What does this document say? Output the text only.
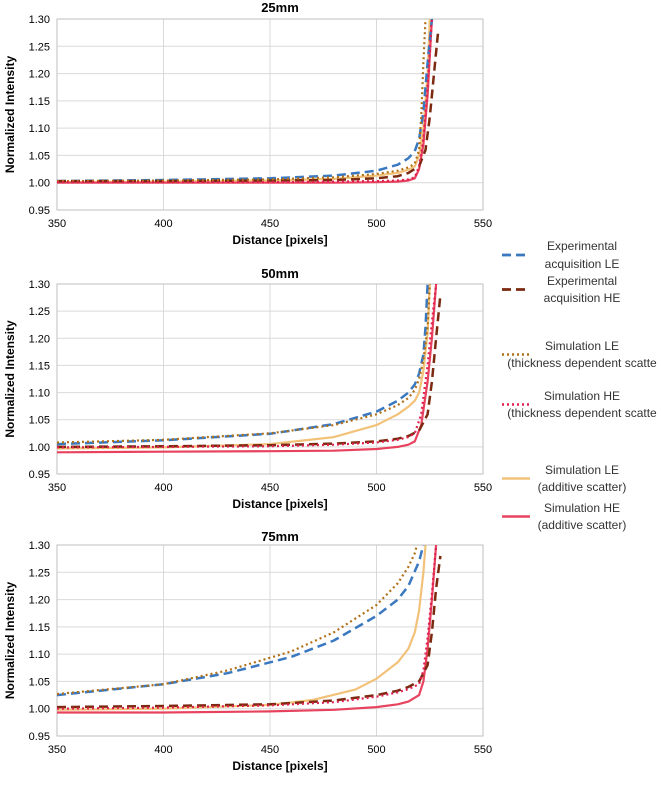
25mm
0.95
1.00
1.05
1.10
1.15
1.20
1.25
1.30
350	400	450	500	550
Distance [pixels]
Normalized Intensity
50mm
0.95
1.00
1.05
1.10
1.15
1.20
1.25
1.30
350	400	450	500	550
Distance [pixels]
Normalized Intensity
75mm
0.95
1.00
1.05
1.10
1.15
1.20
1.25
1.30
350	400	450	500	550
Distance [pixels]
Normalized Intensity
Experimental
acquisition LE
Experimental
acquisition HE
Simulation LE
(thickness dependent scatte
Simulation HE
(thickness dependent scatte
Simulation LE
(additive scatter)
Simulation HE
(additive scatter)
